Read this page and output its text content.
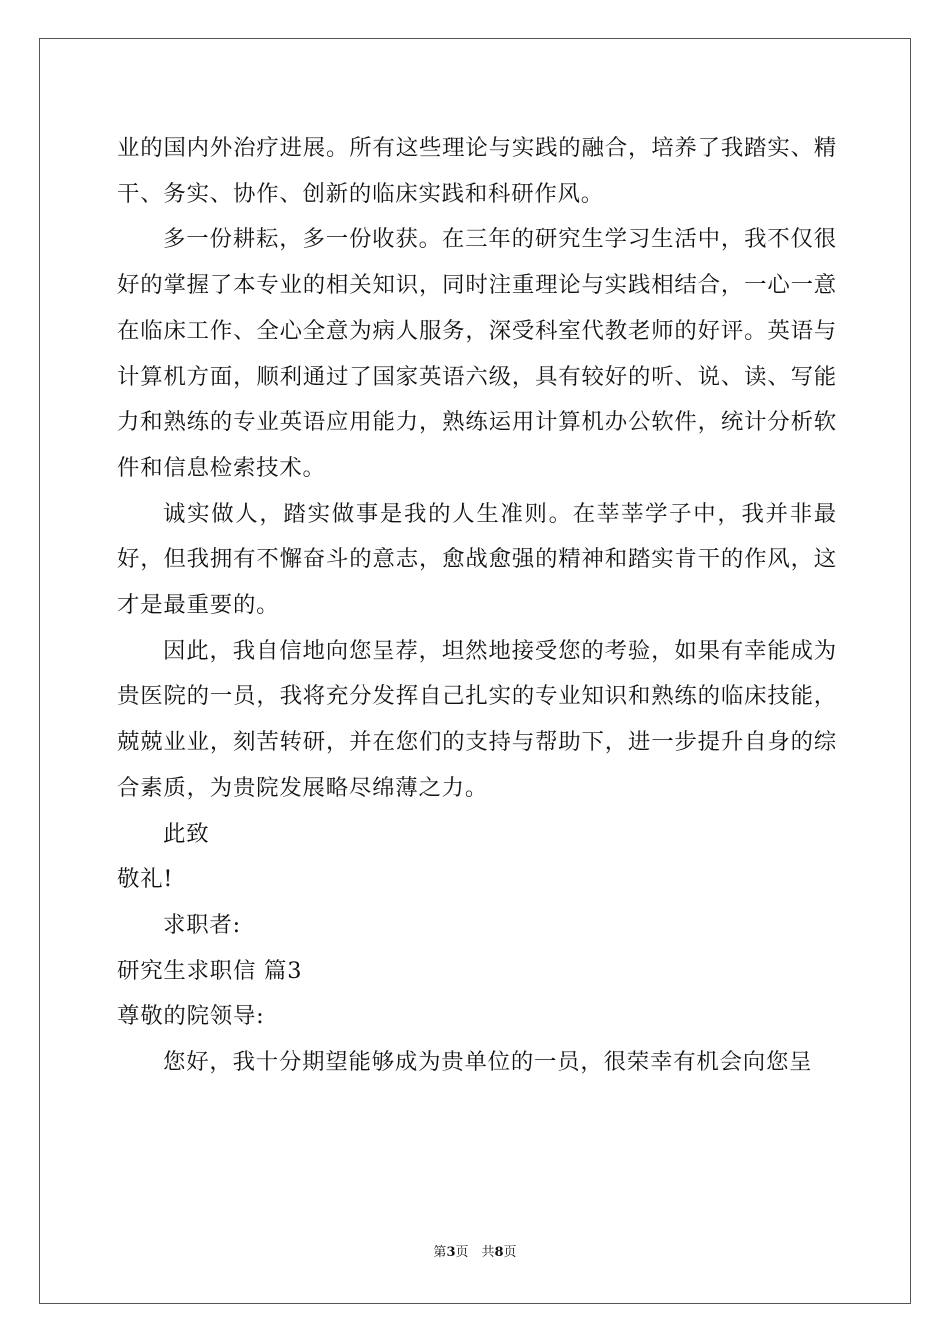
业的国内外治疗进展。所有这些理论与实践的融合，培养了我踏实、精干、务实、协作、创新的临床实践和科研作风。

多一份耕耘，多一份收获。在三年的研究生学习生活中，我不仅很好的掌握了本专业的相关知识，同时注重理论与实践相结合，一心一意在临床工作、全心全意为病人服务，深受科室代教老师的好评。英语与计算机方面，顺利通过了国家英语六级，具有较好的听、说、读、写能力和熟练的专业英语应用能力，熟练运用计算机办公软件，统计分析软件和信息检索技术。

诚实做人，踏实做事是我的人生准则。在莘莘学子中，我并非最好，但我拥有不懈奋斗的意志，愈战愈强的精神和踏实肯干的作风，这才是最重要的。

因此，我自信地向您呈荐，坦然地接受您的考验，如果有幸能成为贵医院的一员，我将充分发挥自己扎实的专业知识和熟练的临床技能，兢兢业业，刻苦转研，并在您们的支持与帮助下，进一步提升自身的综合素质，为贵院发展略尽绵薄之力。

此致

敬礼!

求职者:

研究生求职信 篇3

尊敬的院领导:

您好，我十分期望能够成为贵单位的一员，很荣幸有机会向您呈

第3页　共8页
